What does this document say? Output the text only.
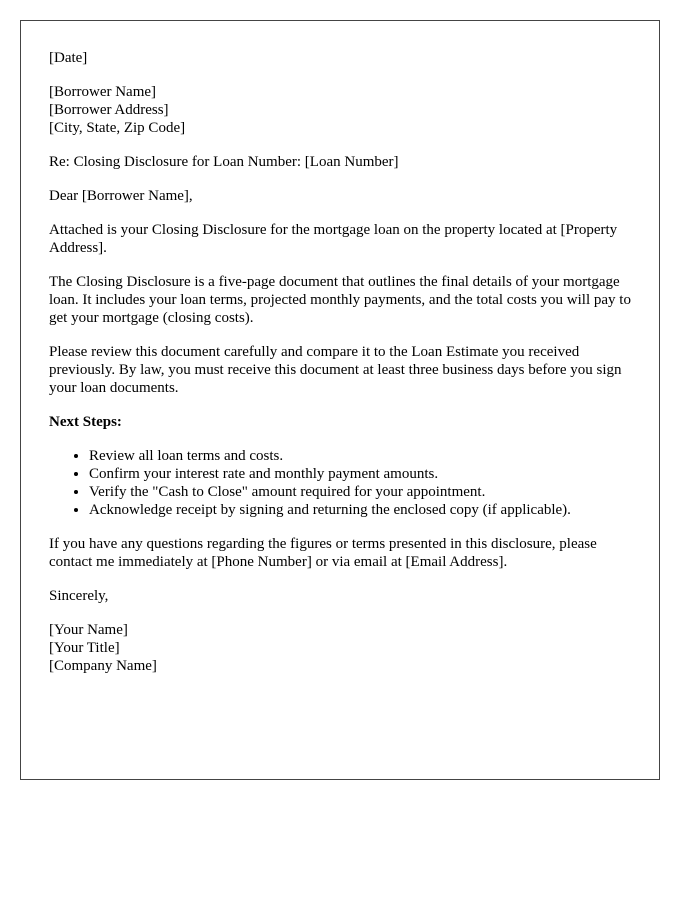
[Date]
[Borrower Name]
[Borrower Address]
[City, State, Zip Code]
Re: Closing Disclosure for Loan Number: [Loan Number]
Dear [Borrower Name],
Attached is your Closing Disclosure for the mortgage loan on the property located at [Property Address].
The Closing Disclosure is a five-page document that outlines the final details of your mortgage loan. It includes your loan terms, projected monthly payments, and the total costs you will pay to get your mortgage (closing costs).
Please review this document carefully and compare it to the Loan Estimate you received previously. By law, you must receive this document at least three business days before you sign your loan documents.
Next Steps:
• Review all loan terms and costs.
• Confirm your interest rate and monthly payment amounts.
• Verify the "Cash to Close" amount required for your appointment.
• Acknowledge receipt by signing and returning the enclosed copy (if applicable).
If you have any questions regarding the figures or terms presented in this disclosure, please contact me immediately at [Phone Number] or via email at [Email Address].
Sincerely,
[Your Name]
[Your Title]
[Company Name]
